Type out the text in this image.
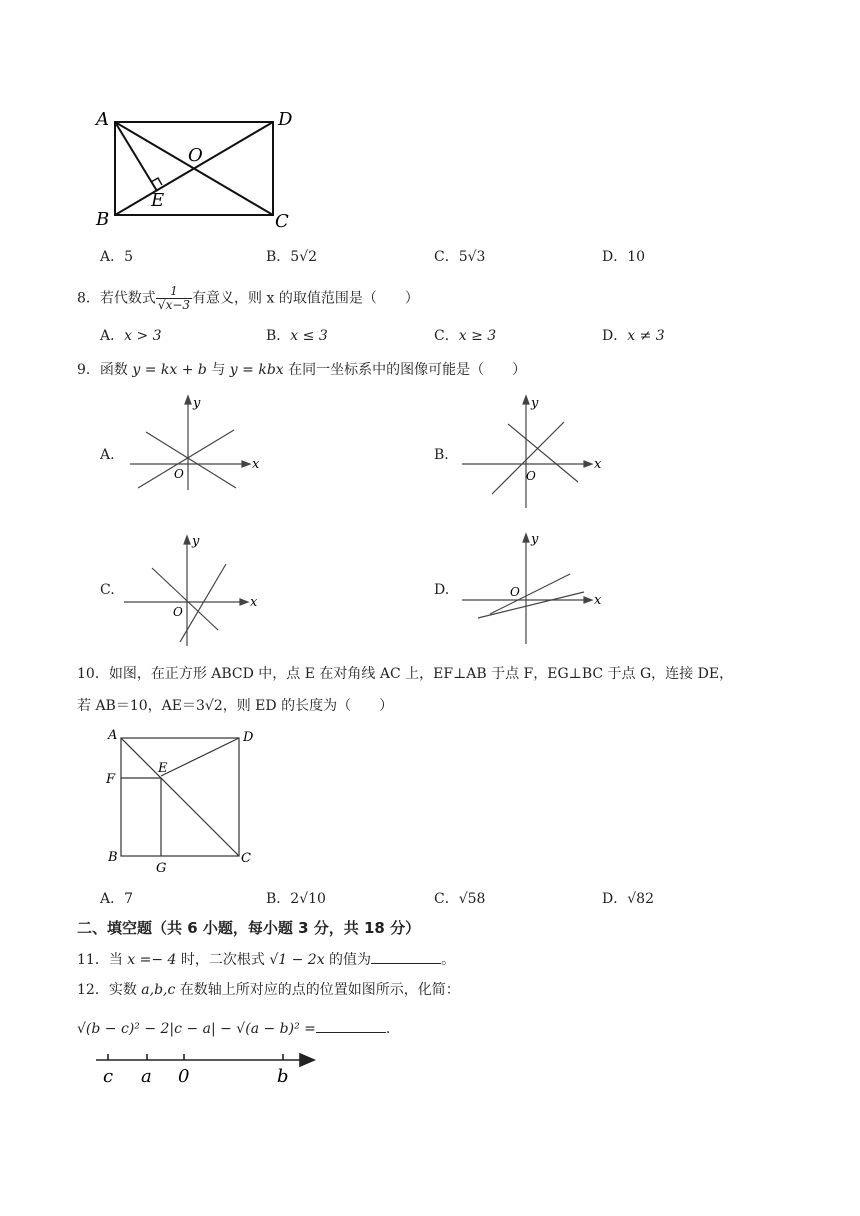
A	D
O
E
B	C
A．5	B．5√2	C．5√3	D．10
8．若代数式 $\frac{1}{√x-3}$ 有意义，则 x 的取值范围是（　　）
A．x > 3	B．x ≤ 3	C．x ≥ 3	D．x ≠ 3
9．函数 y = kx + b 与 y = kbx 在同一坐标系中的图像可能是（　　）
A.
x
y
O
B.
x
y
O
C.
x
y
O
D.
x
y
O
10．如图，在正方形 ABCD 中，点 E 在对角线 AC 上，EF⊥AB 于点 F，EG⊥BC 于点 G，连接 DE，
若 AB＝10，AE＝3√2，则 ED 的长度为（　　）
A	D
E
F
B
G
C
A．7	B．2√10	C．√58	D．√82
二、填空题（共 6 小题，每小题 3 分，共 18 分）
11．当 x =− 4 时，二次根式 √1 − 2x 的值为	。
12．实数 a,b,c 在数轴上所对应的点的位置如图所示，化简：
√(b − c)² − 2|c − a| − √(a − b)² =	.
c a 0	b
